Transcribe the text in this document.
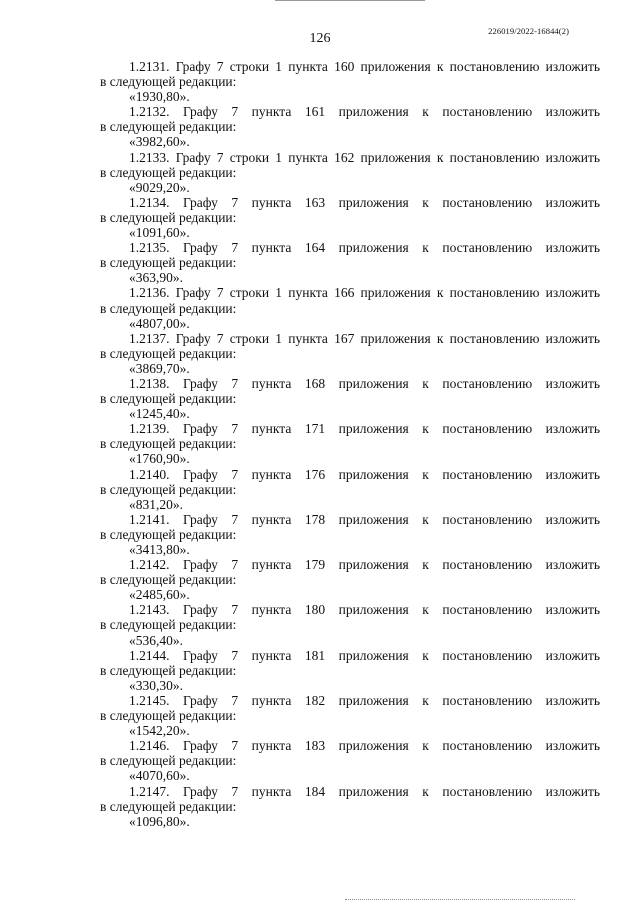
126	226019/2022-16844(2)
1.2131. Графу 7 строки 1 пункта 160 приложения к постановлению изложить
в следующей редакции:
«1930,80».
1.2132. Графу 7 пункта 161 приложения к постановлению изложить
в следующей редакции:
«3982,60».
1.2133. Графу 7 строки 1 пункта 162 приложения к постановлению изложить
в следующей редакции:
«9029,20».
1.2134. Графу 7 пункта 163 приложения к постановлению изложить
в следующей редакции:
«1091,60».
1.2135. Графу 7 пункта 164 приложения к постановлению изложить
в следующей редакции:
«363,90».
1.2136. Графу 7 строки 1 пункта 166 приложения к постановлению изложить
в следующей редакции:
«4807,00».
1.2137. Графу 7 строки 1 пункта 167 приложения к постановлению изложить
в следующей редакции:
«3869,70».
1.2138. Графу 7 пункта 168 приложения к постановлению изложить
в следующей редакции:
«1245,40».
1.2139. Графу 7 пункта 171 приложения к постановлению изложить
в следующей редакции:
«1760,90».
1.2140. Графу 7 пункта 176 приложения к постановлению изложить
в следующей редакции:
«831,20».
1.2141. Графу 7 пункта 178 приложения к постановлению изложить
в следующей редакции:
«3413,80».
1.2142. Графу 7 пункта 179 приложения к постановлению изложить
в следующей редакции:
«2485,60».
1.2143. Графу 7 пункта 180 приложения к постановлению изложить
в следующей редакции:
«536,40».
1.2144. Графу 7 пункта 181 приложения к постановлению изложить
в следующей редакции:
«330,30».
1.2145. Графу 7 пункта 182 приложения к постановлению изложить
в следующей редакции:
«1542,20».
1.2146. Графу 7 пункта 183 приложения к постановлению изложить
в следующей редакции:
«4070,60».
1.2147. Графу 7 пункта 184 приложения к постановлению изложить
в следующей редакции:
«1096,80».
